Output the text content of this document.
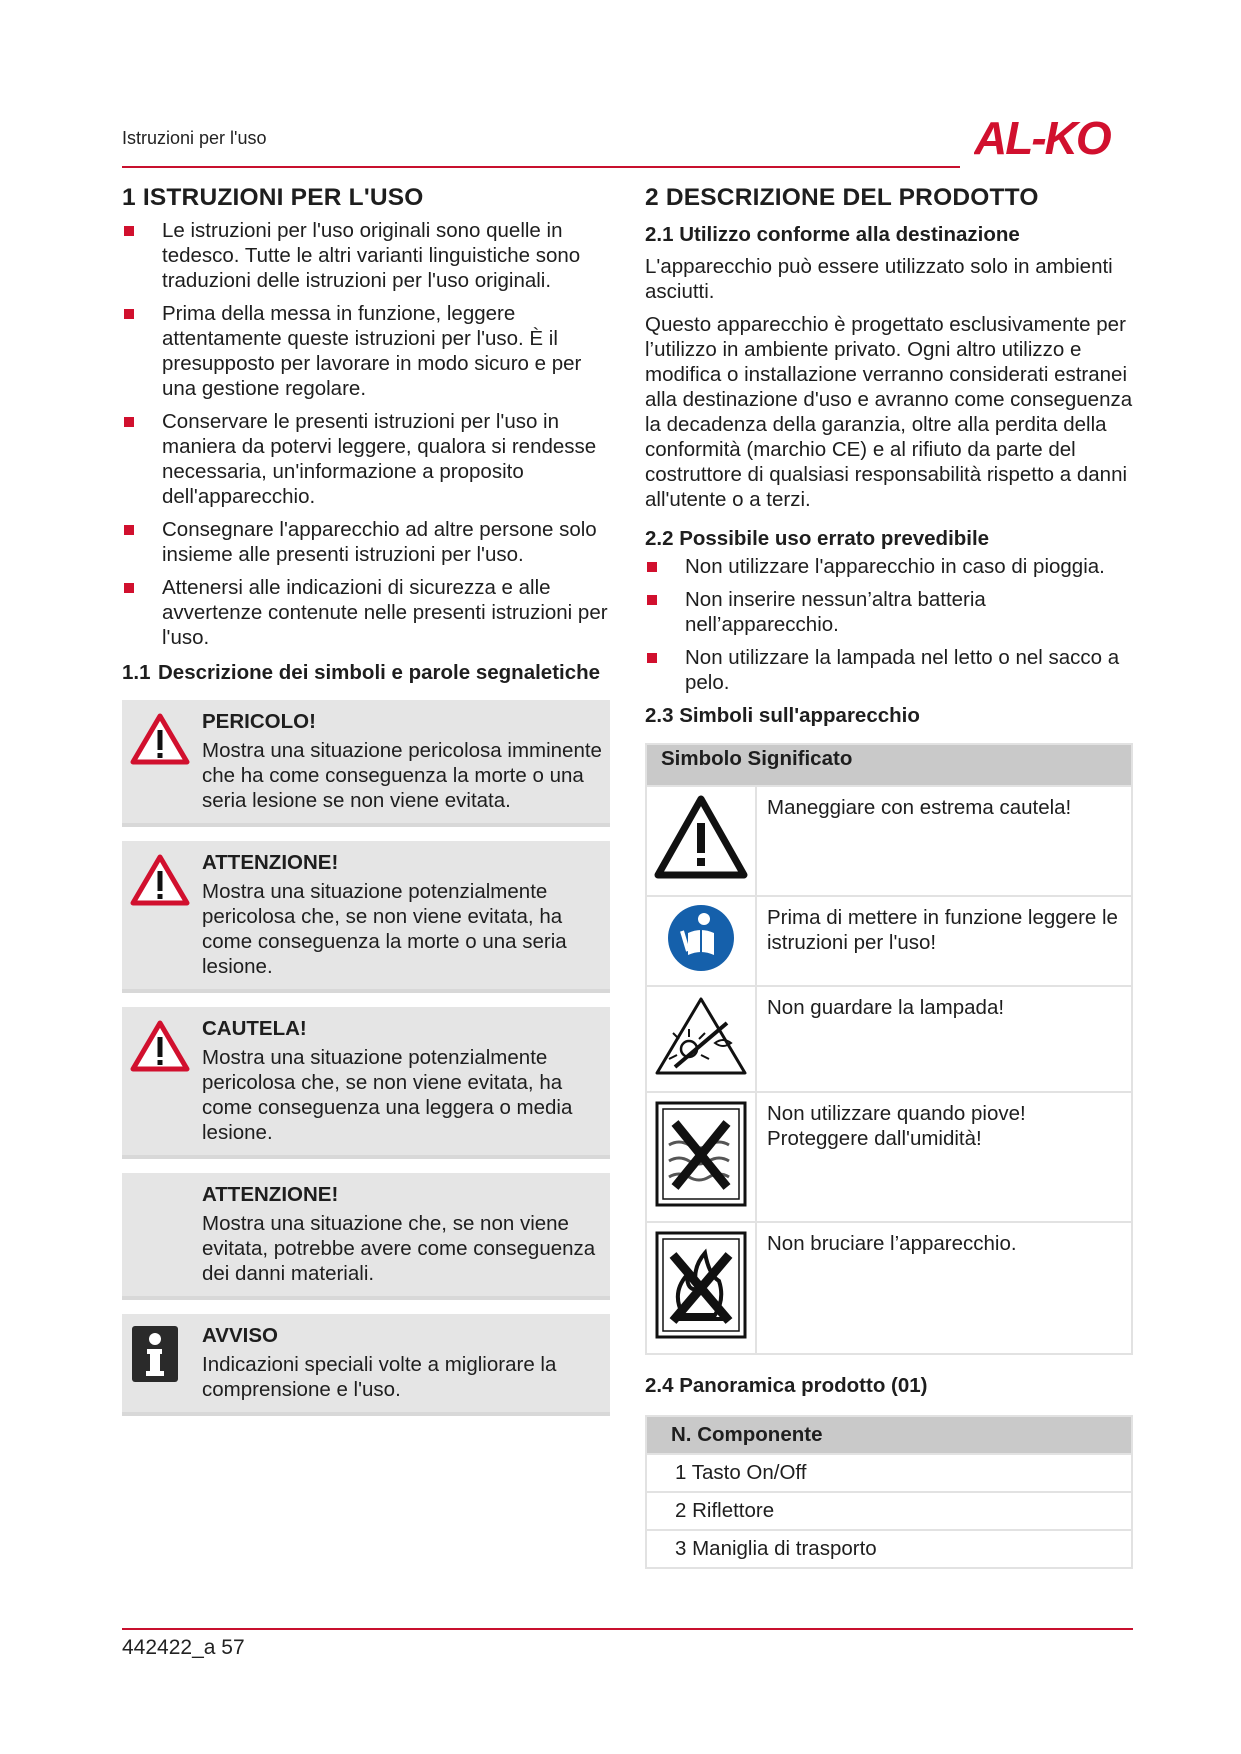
Istruzioni per l'uso	AL-KO
1 ISTRUZIONI PER L'USO
Le istruzioni per l'uso originali sono quelle in tedesco. Tutte le altri varianti linguistiche sono traduzioni delle istruzioni per l'uso originali.
Prima della messa in funzione, leggere attentamente queste istruzioni per l'uso. È il presupposto per lavorare in modo sicuro e per una gestione regolare.
Conservare le presenti istruzioni per l'uso in maniera da potervi leggere, qualora si rendesse necessaria, un'informazione a proposito dell'apparecchio.
Consegnare l'apparecchio ad altre persone solo insieme alle presenti istruzioni per l'uso.
Attenersi alle indicazioni di sicurezza e alle avvertenze contenute nelle presenti istruzioni per l'uso.
1.1 Descrizione dei simboli e parole segnaletiche
PERICOLO!
Mostra una situazione pericolosa imminente che ha come conseguenza la morte o una seria lesione se non viene evitata.
ATTENZIONE!
Mostra una situazione potenzialmente pericolosa che, se non viene evitata, ha come conseguenza la morte o una seria lesione.
CAUTELA!
Mostra una situazione potenzialmente pericolosa che, se non viene evitata, ha come conseguenza una leggera o media lesione.
ATTENZIONE!
Mostra una situazione che, se non viene evitata, potrebbe avere come conseguenza dei danni materiali.
AVVISO
Indicazioni speciali volte a migliorare la comprensione e l'uso.
2 DESCRIZIONE DEL PRODOTTO
2.1 Utilizzo conforme alla destinazione
L'apparecchio può essere utilizzato solo in ambienti asciutti.
Questo apparecchio è progettato esclusivamente per l’utilizzo in ambiente privato. Ogni altro utilizzo e modifica o installazione verranno considerati estranei alla destinazione d'uso e avranno come conseguenza la decadenza della garanzia, oltre alla perdita della conformità (marchio CE) e al rifiuto da parte del costruttore di qualsiasi responsabilità rispetto a danni all'utente o a terzi.
2.2 Possibile uso errato prevedibile
Non utilizzare l'apparecchio in caso di pioggia.
Non inserire nessun’altra batteria nell’apparecchio.
Non utilizzare la lampada nel letto o nel sacco a pelo.
2.3 Simboli sull'apparecchio
Simbolo Significato	
	Maneggiare con estrema cautela!
	Prima di mettere in funzione leggere le istruzioni per l'uso!
	Non guardare la lampada!
	Non utilizzare quando piove! Proteggere dall'umidità!
	Non bruciare l’apparecchio.
2.4 Panoramica prodotto (01)
N. Componente
1 Tasto On/Off
2 Riflettore
3 Maniglia di trasporto
442422_a 57
